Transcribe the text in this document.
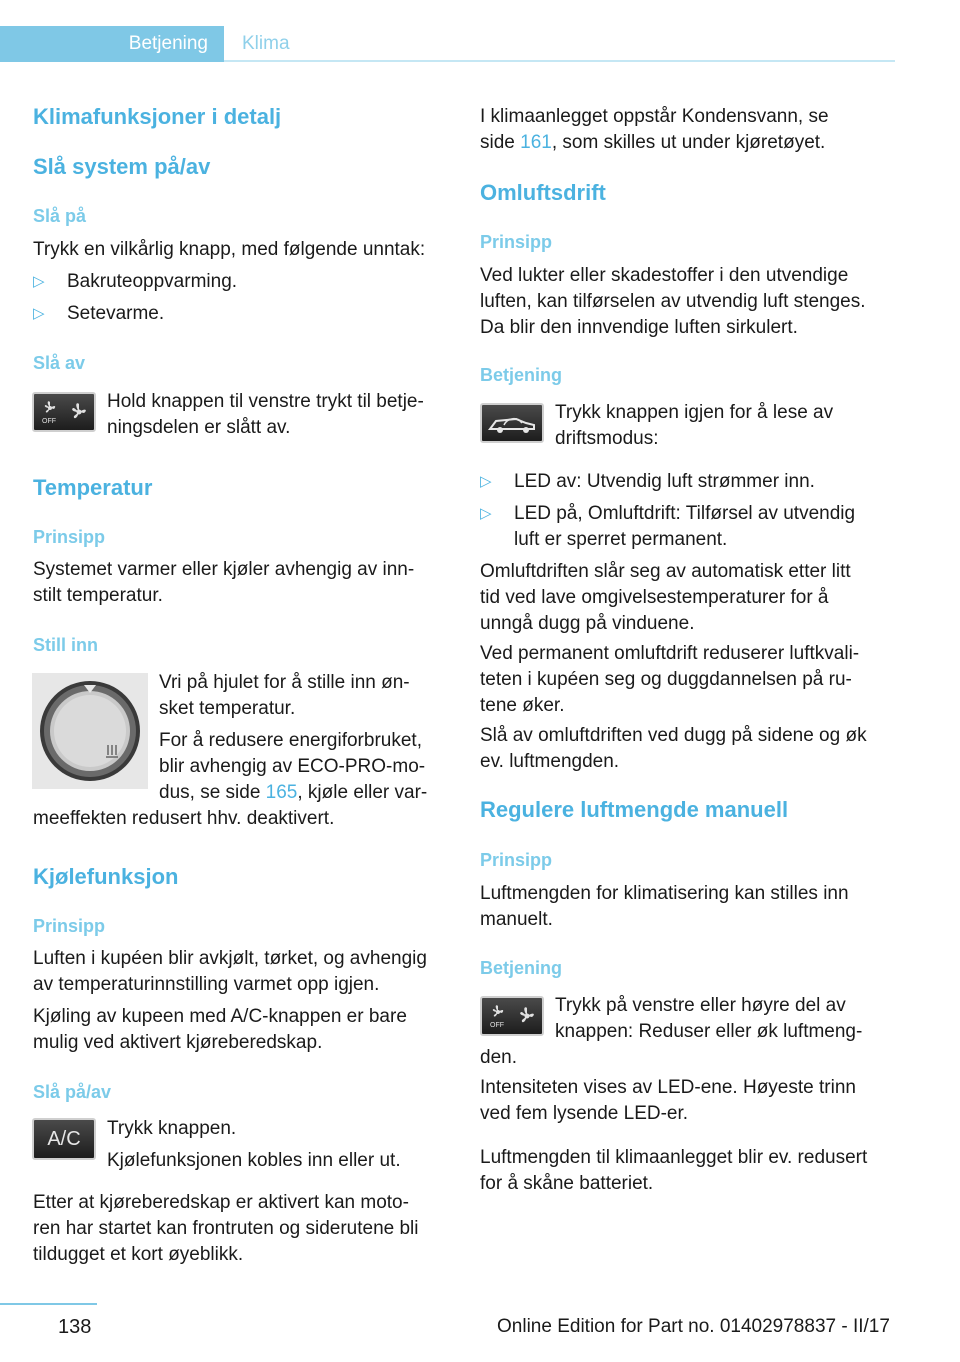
Betjening Klima
Klimafunksjoner i detalj
Slå system på/av
Slå på
Trykk en vilkårlig knapp, med følgende unntak:
▷ Bakruteoppvarming.
▷ Setevarme.
Slå av
OFF
Hold knappen til venstre trykt til betje-
ningsdelen er slått av.
Temperatur
Prinsipp
Systemet varmer eller kjøler avhengig av inn-
stilt temperatur.
Still inn
Vri på hjulet for å stille inn øn-
sket temperatur.
For å redusere energiforbruket,
blir avhengig av ECO-PRO-mo-
dus, se side 165, kjøle eller var-
meeffekten redusert hhv. deaktivert.
Kjølefunksjon
Prinsipp
Luften i kupéen blir avkjølt, tørket, og avhengig
av temperaturinnstilling varmet opp igjen.
Kjøling av kupeen med A/C-knappen er bare
mulig ved aktivert kjøreberedskap.
Slå på/av
A/C	Trykk knappen.
Kjølefunksjonen kobles inn eller ut.
Etter at kjøreberedskap er aktivert kan moto-
ren har startet kan frontruten og siderutene bli
tildugget et kort øyeblikk.
I klimaanlegget oppstår Kondensvann, se
side 161, som skilles ut under kjøretøyet.
Omluftsdrift
Prinsipp
Ved lukter eller skadestoffer i den utvendige
luften, kan tilførselen av utvendig luft stenges.
Da blir den innvendige luften sirkulert.
Betjening
Trykk knappen igjen for å lese av
driftsmodus:
▷ LED av: Utvendig luft strømmer inn.
▷ LED på, Omluftdrift: Tilførsel av utvendig
luft er sperret permanent.
Omluftdriften slår seg av automatisk etter litt
tid ved lave omgivelsestemperaturer for å
unngå dugg på vinduene.
Ved permanent omluftdrift reduserer luftkvali-
teten i kupéen seg og duggdannelsen på ru-
tene øker.
Slå av omluftdriften ved dugg på sidene og øk
ev. luftmengden.
Regulere luftmengde manuell
Prinsipp
Luftmengden for klimatisering kan stilles inn
manuelt.
Betjening
OFF
Trykk på venstre eller høyre del av
knappen: Reduser eller øk luftmeng-
den.
Intensiteten vises av LED-ene. Høyeste trinn
ved fem lysende LED-er.
Luftmengden til klimaanlegget blir ev. redusert
for å skåne batteriet.
138	Online Edition for Part no. 01402978837 - II/17
